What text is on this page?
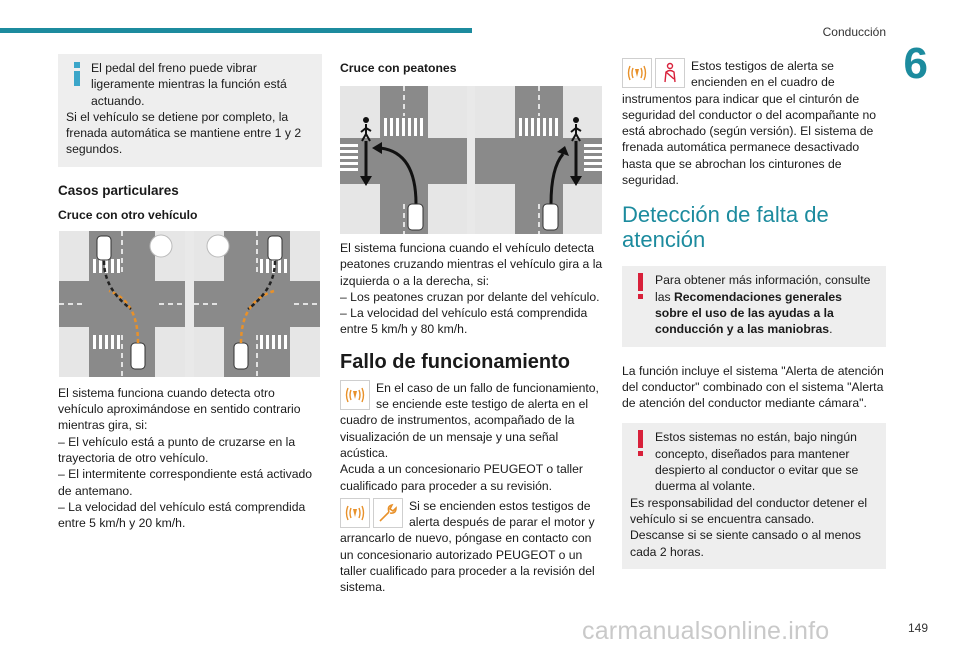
Conducción
6

El pedal del freno puede vibrar ligeramente mientras la función está actuando.

Si el vehículo se detiene por completo, la frenada automática se mantiene entre 1 y 2 segundos.

Casos particulares
Cruce con otro vehículo

El sistema funciona cuando detecta otro vehículo aproximándose en sentido contrario mientras gira, si:

– El vehículo está a punto de cruzarse en la trayectoria de otro vehículo.

– El intermitente correspondiente está activado de antemano.

– La velocidad del vehículo está comprendida entre 5 km/h y 20 km/h.

Cruce con peatones

El sistema funciona cuando el vehículo detecta peatones cruzando mientras el vehículo gira a la izquierda o a la derecha, si:
– Los peatones cruzan por delante del vehículo.
– La velocidad del vehículo está comprendida entre 5 km/h y 80 km/h.

Fallo de funcionamiento

En el caso de un fallo de funcionamiento, se enciende este testigo de alerta en el cuadro de instrumentos, acompañado de la visualización de un mensaje y una señal acústica.

Acuda a un concesionario PEUGEOT o taller cualificado para proceder a su revisión.

Si se encienden estos testigos de alerta después de parar el motor y arrancarlo de nuevo, póngase en contacto con un concesionario autorizado PEUGEOT o un taller cualificado para proceder a la revisión del sistema.

Estos testigos de alerta se encienden en el cuadro de instrumentos para indicar que el cinturón de seguridad del conductor o del acompañante no está abrochado (según versión). El sistema de frenada automática permanece desactivado hasta que se abrochan los cinturones de seguridad.

Detección de falta de atención

Para obtener más información, consulte las Recomendaciones generales sobre el uso de las ayudas a la conducción y a las maniobras.

La función incluye el sistema "Alerta de atención del conductor" combinado con el sistema "Alerta de atención del conductor mediante cámara".

Estos sistemas no están, bajo ningún concepto, diseñados para mantener despierto al conductor o evitar que se duerma al volante.

Es responsabilidad del conductor detener el vehículo si se encuentra cansado.

Descanse si se siente cansado o al menos cada 2 horas.

149
carmanualsonline.info
